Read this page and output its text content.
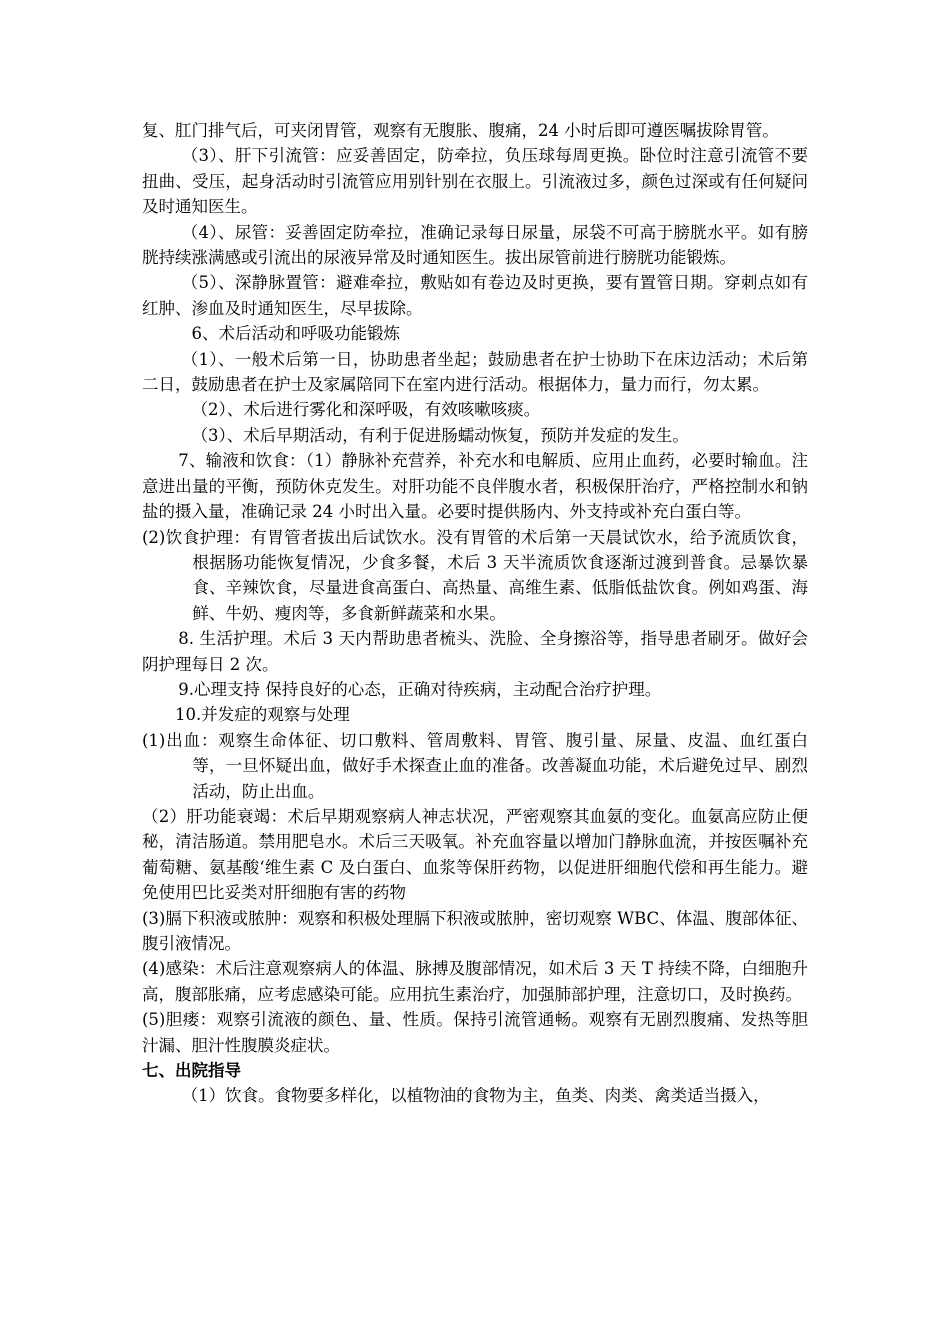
复、肛门排气后，可夹闭胃管，观察有无腹胀、腹痛，24 小时后即可遵医嘱拔除胃管。

（3）、肝下引流管：应妥善固定，防牵拉，负压球每周更换。卧位时注意引流管不要扭曲、受压，起身活动时引流管应用别针别在衣服上。引流液过多，颜色过深或有任何疑问及时通知医生。

（4）、尿管：妥善固定防牵拉，准确记录每日尿量，尿袋不可高于膀胱水平。如有膀胱持续涨满感或引流出的尿液异常及时通知医生。拔出尿管前进行膀胱功能锻炼。

（5）、深静脉置管：避难牵拉，敷贴如有卷边及时更换，要有置管日期。穿刺点如有红肿、渗血及时通知医生，尽早拔除。

6、术后活动和呼吸功能锻炼

（1）、一般术后第一日，协助患者坐起；鼓励患者在护士协助下在床边活动；术后第二日，鼓励患者在护士及家属陪同下在室内进行活动。根据体力，量力而行，勿太累。

（2）、术后进行雾化和深呼吸，有效咳嗽咳痰。

（3）、术后早期活动，有利于促进肠蠕动恢复，预防并发症的发生。

7、输液和饮食：（1）静脉补充营养，补充水和电解质、应用止血药，必要时输血。注意进出量的平衡，预防休克发生。对肝功能不良伴腹水者，积极保肝治疗，严格控制水和钠盐的摄入量，准确记录 24 小时出入量。必要时提供肠内、外支持或补充白蛋白等。

(2)饮食护理：有胃管者拔出后试饮水。没有胃管的术后第一天晨试饮水，给予流质饮食，根据肠功能恢复情况，少食多餐，术后 3 天半流质饮食逐渐过渡到普食。忌暴饮暴食、辛辣饮食，尽量进食高蛋白、高热量、高维生素、低脂低盐饮食。例如鸡蛋、海鲜、牛奶、瘦肉等，多食新鲜蔬菜和水果。

8. 生活护理。术后 3 天内帮助患者梳头、洗脸、全身擦浴等，指导患者刷牙。做好会阴护理每日 2 次。

9.心理支持 保持良好的心态，正确对待疾病，主动配合治疗护理。

10.并发症的观察与处理

(1)出血：观察生命体征、切口敷料、管周敷料、胃管、腹引量、尿量、皮温、血红蛋白等，一旦怀疑出血，做好手术探查止血的准备。改善凝血功能，术后避免过早、剧烈活动，防止出血。

（2）肝功能衰竭：术后早期观察病人神志状况，严密观察其血氨的变化。血氨高应防止便秘，清洁肠道。禁用肥皂水。术后三天吸氧。补充血容量以增加门静脉血流，并按医嘱补充葡萄糖、氨基酸‘维生素 C 及白蛋白、血浆等保肝药物，以促进肝细胞代偿和再生能力。避免使用巴比妥类对肝细胞有害的药物

(3)膈下积液或脓肿：观察和积极处理膈下积液或脓肿，密切观察 WBC、体温、腹部体征、腹引液情况。

(4)感染：术后注意观察病人的体温、脉搏及腹部情况，如术后 3 天 T 持续不降，白细胞升高，腹部胀痛，应考虑感染可能。应用抗生素治疗，加强肺部护理，注意切口，及时换药。

(5)胆瘘：观察引流液的颜色、量、性质。保持引流管通畅。观察有无剧烈腹痛、发热等胆汁漏、胆汁性腹膜炎症状。

七、出院指导

（1）饮食。食物要多样化，以植物油的食物为主，鱼类、肉类、禽类适当摄入，
